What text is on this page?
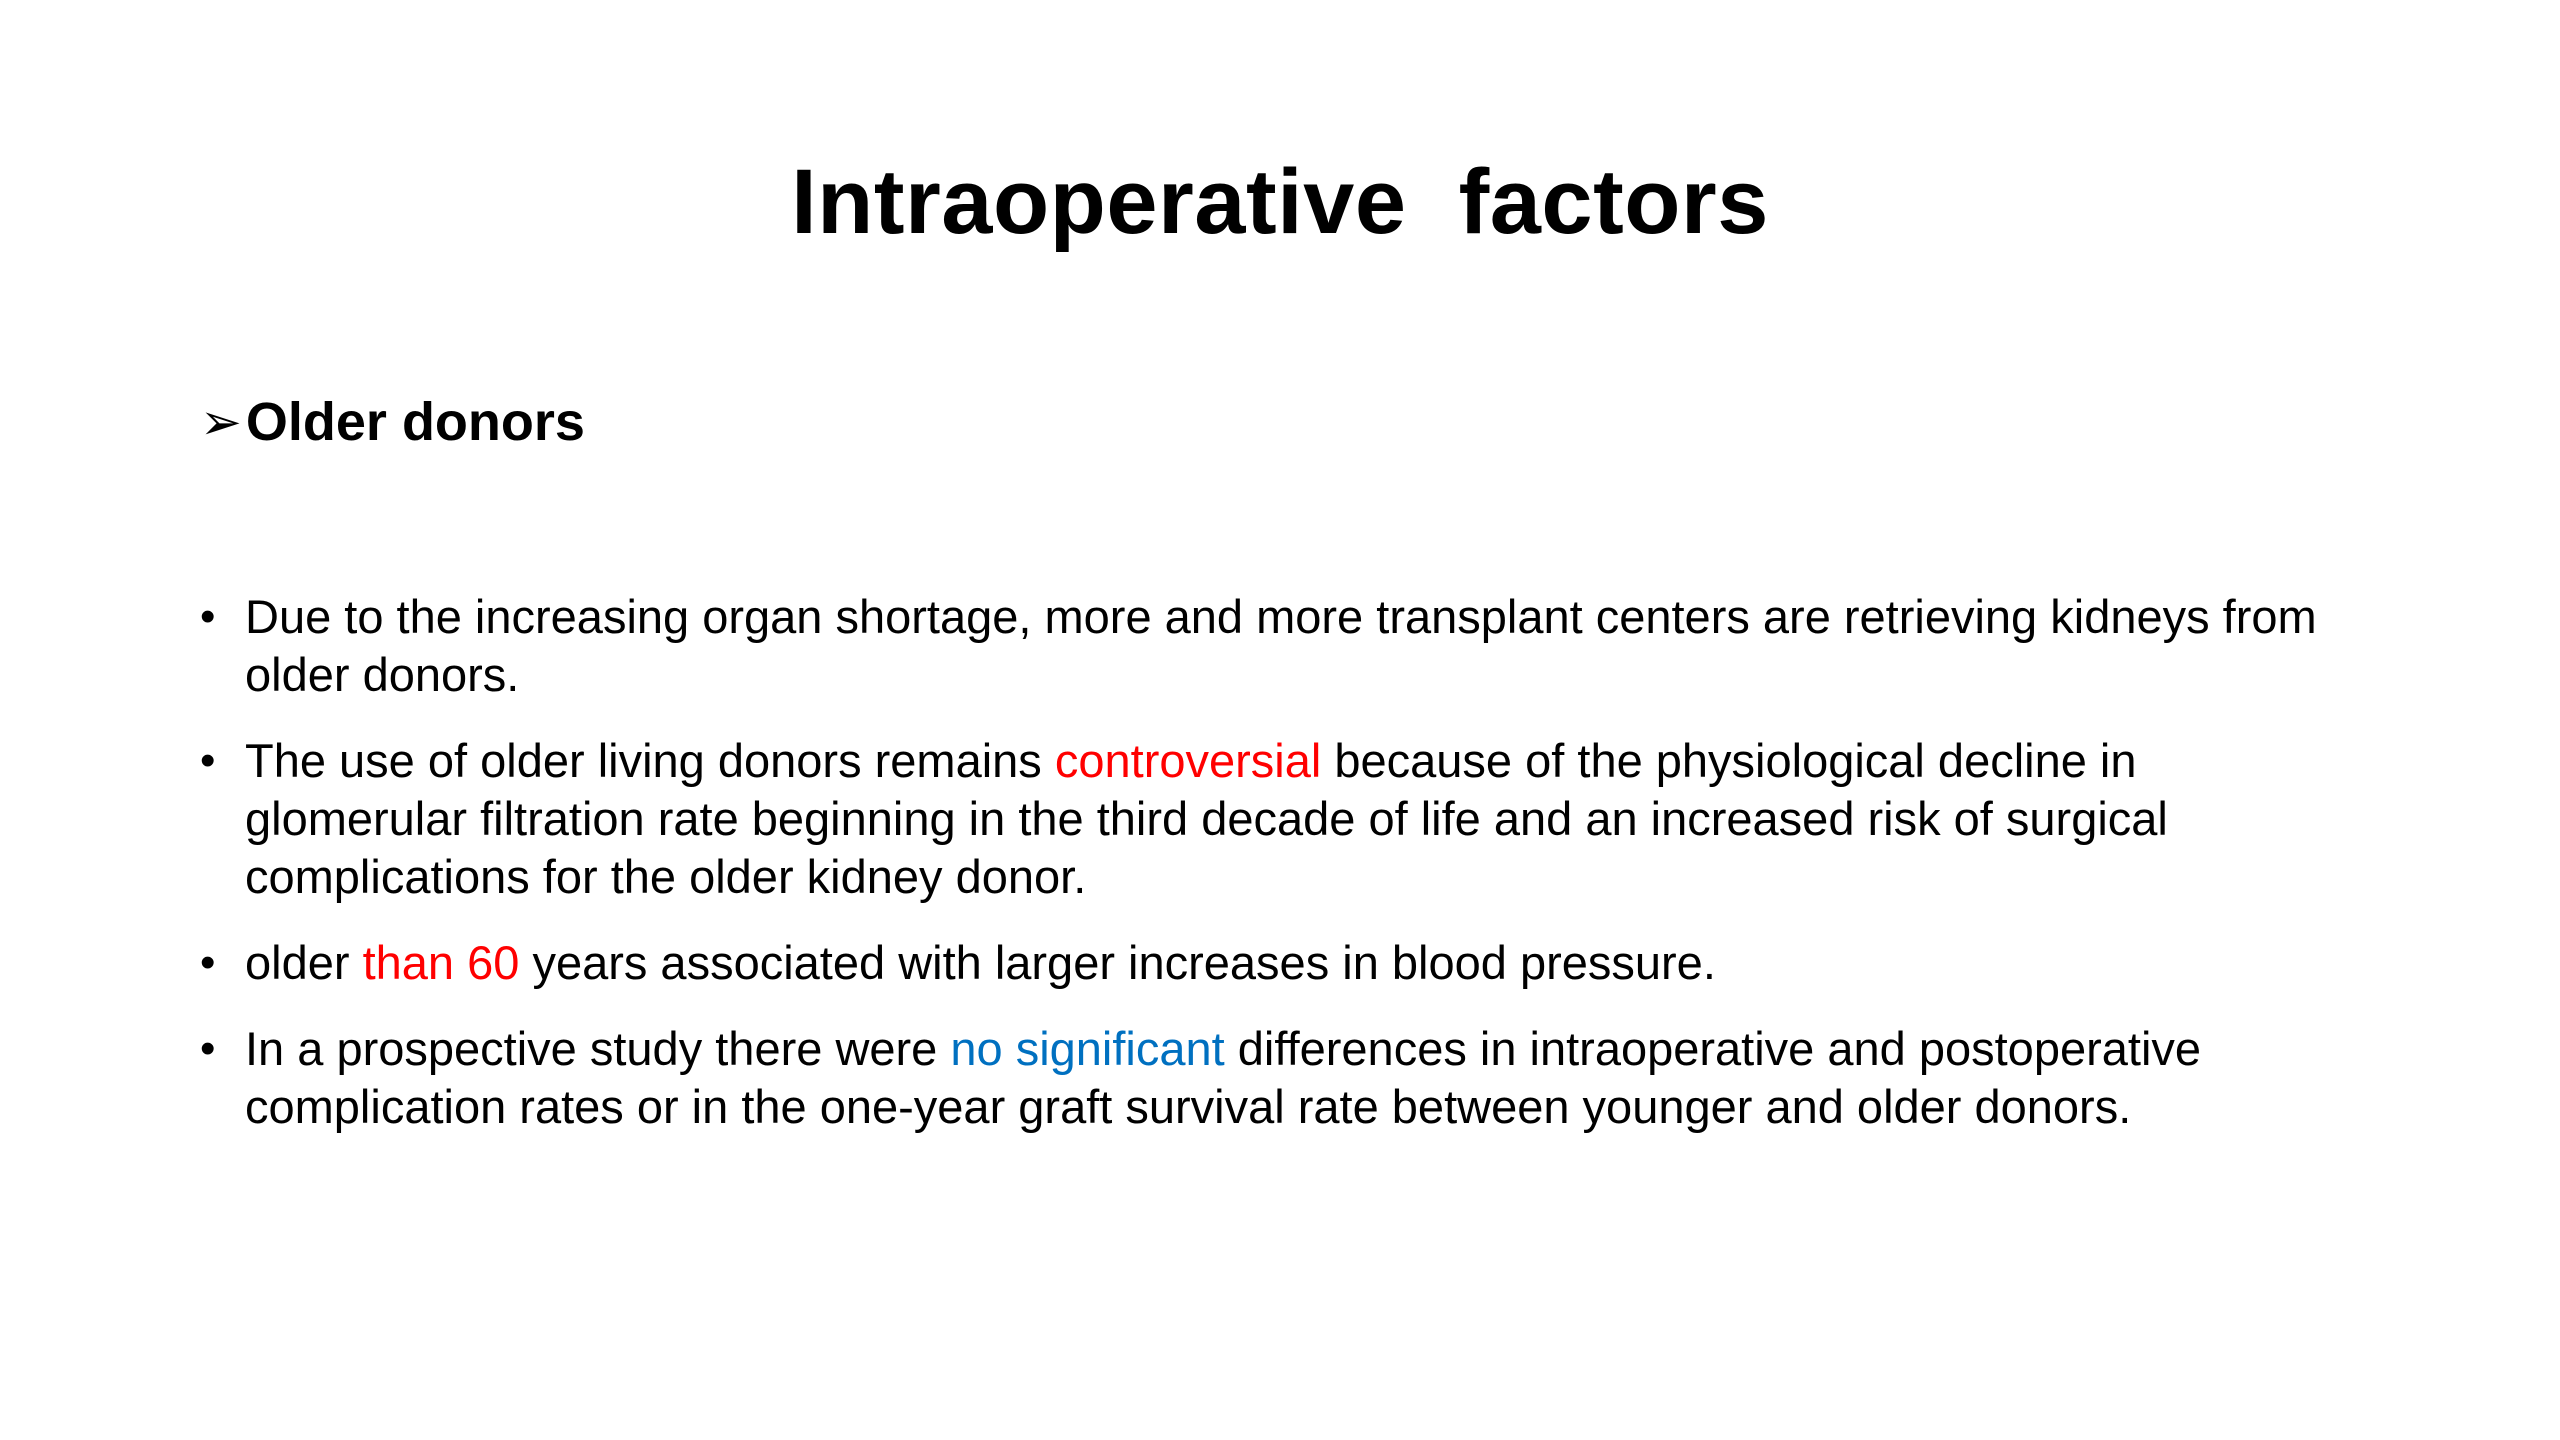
Intraoperative  factors
➢ Older donors
• Due to the increasing organ shortage, more and more transplant centers are retrieving kidneys from older donors.
• The use of older living donors remains controversial because of the physiological decline in glomerular filtration rate beginning in the third decade of life and an increased risk of surgical complications for the older kidney donor.
• older than 60 years associated with larger increases in blood pressure.
• In a prospective study there were no significant differences in intraoperative and postoperative complication rates or in the one-year graft survival rate between younger and older donors.
